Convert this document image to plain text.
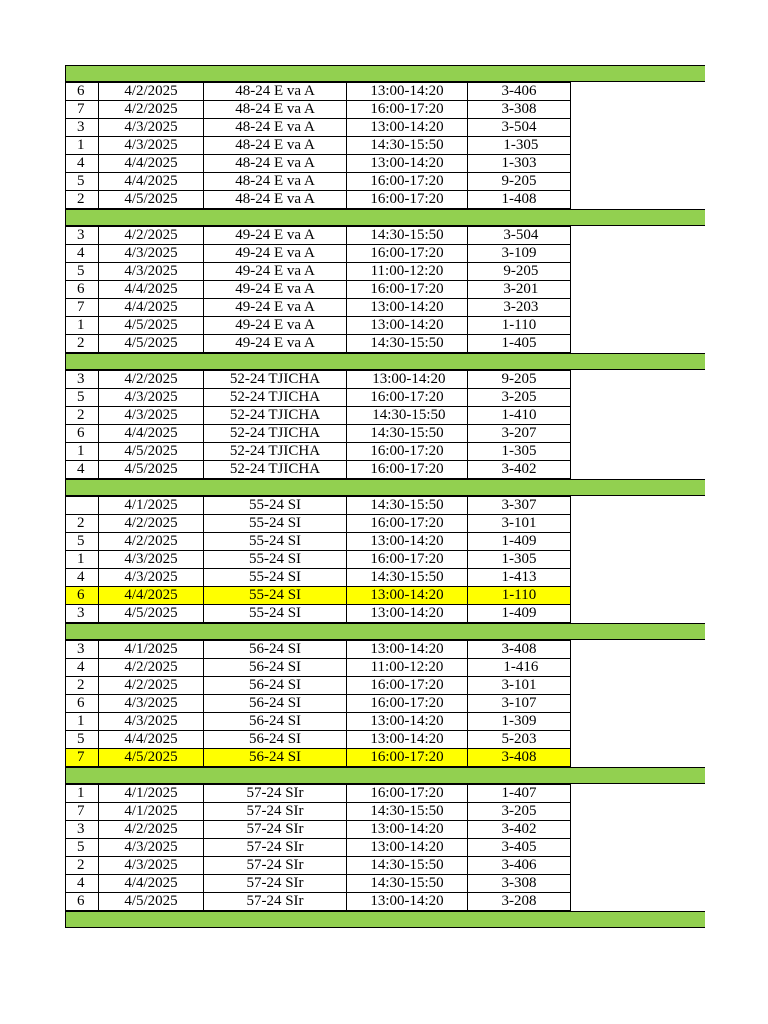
6	4/2/2025	48-24 E va A	13:00-14:20	3-406
7	4/2/2025	48-24 E va A	16:00-17:20	3-308
3	4/3/2025	48-24 E va A	13:00-14:20	3-504
1	4/3/2025	48-24 E va A	14:30-15:50	1-305
4	4/4/2025	48-24 E va A	13:00-14:20	1-303
5	4/4/2025	48-24 E va A	16:00-17:20	9-205
2	4/5/2025	48-24 E va A	16:00-17:20	1-408
3	4/2/2025	49-24 E va A	14:30-15:50	3-504
4	4/3/2025	49-24 E va A	16:00-17:20	3-109
5	4/3/2025	49-24 E va A	11:00-12:20	9-205
6	4/4/2025	49-24 E va A	16:00-17:20	3-201
7	4/4/2025	49-24 E va A	13:00-14:20	3-203
1	4/5/2025	49-24 E va A	13:00-14:20	1-110
2	4/5/2025	49-24 E va A	14:30-15:50	1-405
3	4/2/2025	52-24 TJICHA	13:00-14:20	9-205
5	4/3/2025	52-24 TJICHA	16:00-17:20	3-205
2	4/3/2025	52-24 TJICHA	14:30-15:50	1-410
6	4/4/2025	52-24 TJICHA	14:30-15:50	3-207
1	4/5/2025	52-24 TJICHA	16:00-17:20	1-305
4	4/5/2025	52-24 TJICHA	16:00-17:20	3-402
	4/1/2025	55-24 SI	14:30-15:50	3-307
2	4/2/2025	55-24 SI	16:00-17:20	3-101
5	4/2/2025	55-24 SI	13:00-14:20	1-409
1	4/3/2025	55-24 SI	16:00-17:20	1-305
4	4/3/2025	55-24 SI	14:30-15:50	1-413
6	4/4/2025	55-24 SI	13:00-14:20	1-110
3	4/5/2025	55-24 SI	13:00-14:20	1-409
3	4/1/2025	56-24 SI	13:00-14:20	3-408
4	4/2/2025	56-24 SI	11:00-12:20	1-416
2	4/2/2025	56-24 SI	16:00-17:20	3-101
6	4/3/2025	56-24 SI	16:00-17:20	3-107
1	4/3/2025	56-24 SI	13:00-14:20	1-309
5	4/4/2025	56-24 SI	13:00-14:20	5-203
7	4/5/2025	56-24 SI	16:00-17:20	3-408
1	4/1/2025	57-24 SIr	16:00-17:20	1-407
7	4/1/2025	57-24 SIr	14:30-15:50	3-205
3	4/2/2025	57-24 SIr	13:00-14:20	3-402
5	4/3/2025	57-24 SIr	13:00-14:20	3-405
2	4/3/2025	57-24 SIr	14:30-15:50	3-406
4	4/4/2025	57-24 SIr	14:30-15:50	3-308
6	4/5/2025	57-24 SIr	13:00-14:20	3-208
